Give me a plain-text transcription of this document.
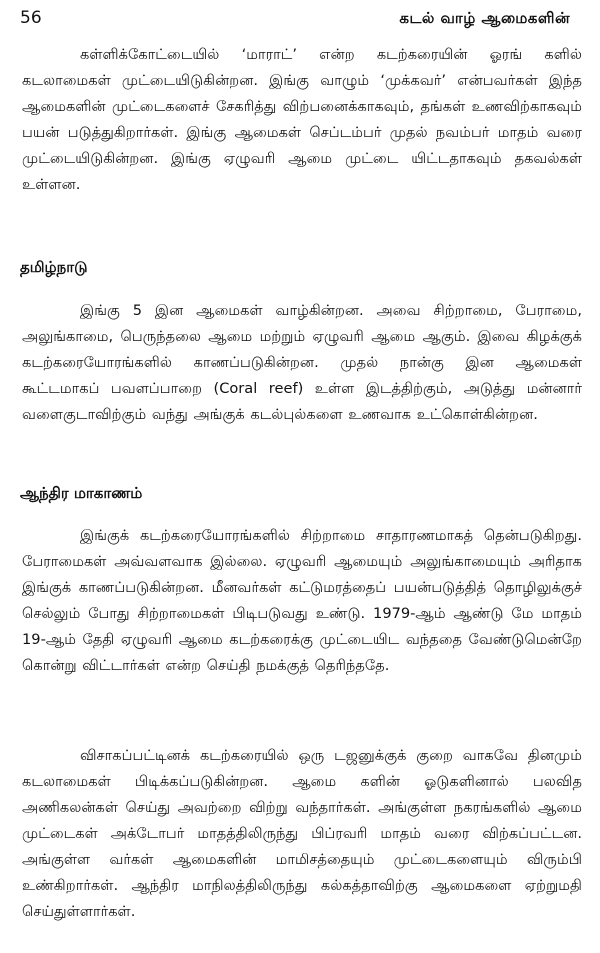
56	கடல் வாழ் ஆமைகளின்

கள்ளிக்கோட்டையில் ‘மாராட்’ என்ற கடற்கரையின் ஓரங் களில் கடலாமைகள் முட்டையிடுகின்றன. இங்கு வாழும் ‘முக்கவர்’ என்பவர்கள் இந்த ஆமைகளின் முட்டைகளைச் சேகரித்து விற்பனைக்காகவும், தங்கள் உணவிற்காகவும் பயன் படுத்துகிறார்கள். இங்கு ஆமைகள் செப்டம்பர் முதல் நவம்பர் மாதம் வரை முட்டையிடுகின்றன. இங்கு ஏழுவரி ஆமை முட்டை யிட்டதாகவும் தகவல்கள் உள்ளன.

தமிழ்நாடு

இங்கு 5 இன ஆமைகள் வாழ்கின்றன. அவை சிற்றாமை, பேராமை, அலுங்காமை, பெருந்தலை ஆமை மற்றும் ஏழுவரி ஆமை ஆகும். இவை கிழக்குக் கடற்கரையோரங்களில் காணப்படுகின்றன. முதல் நான்கு இன ஆமைகள் கூட்டமாகப் பவளப்பாறை (Coral reef) உள்ள இடத்திற்கும், அடுத்து மன்னார் வளைகுடாவிற்கும் வந்து அங்குக் கடல்புல்களை உணவாக உட்கொள்கின்றன.

ஆந்திர மாகாணம்

இங்குக் கடற்கரையோரங்களில் சிற்றாமை சாதாரணமாகத் தென்படுகிறது. பேராமைகள் அவ்வளவாக இல்லை. ஏழுவரி ஆமையும் அலுங்காமையும் அரிதாக இங்குக் காணப்படுகின்றன. மீனவர்கள் கட்டுமரத்தைப் பயன்படுத்தித் தொழிலுக்குச் செல்லும் போது சிற்றாமைகள் பிடிபடுவது உண்டு. 1979-ஆம் ஆண்டு மே மாதம் 19-ஆம் தேதி ஏழுவரி ஆமை கடற்கரைக்கு முட்டையிட வந்ததை வேண்டுமென்றே கொன்று விட்டார்கள் என்ற செய்தி நமக்குத் தெரிந்ததே.

விசாகப்பட்டினக் கடற்கரையில் ஒரு டஜனுக்குக் குறை வாகவே தினமும் கடலாமைகள் பிடிக்கப்படுகின்றன. ஆமை களின் ஓடுகளினால் பலவித அணிகலன்கள் செய்து அவற்றை விற்று வந்தார்கள். அங்குள்ள நகரங்களில் ஆமை முட்டைகள் அக்டோபர் மாதத்திலிருந்து பிப்ரவரி மாதம் வரை விற்கப்பட்டன. அங்குள்ள வர்கள் ஆமைகளின் மாமிசத்தையும் முட்டைகளையும் விரும்பி உண்கிறார்கள். ஆந்திர மாநிலத்திலிருந்து கல்கத்தாவிற்கு ஆமைகளை ஏற்றுமதி செய்துள்ளார்கள்.
